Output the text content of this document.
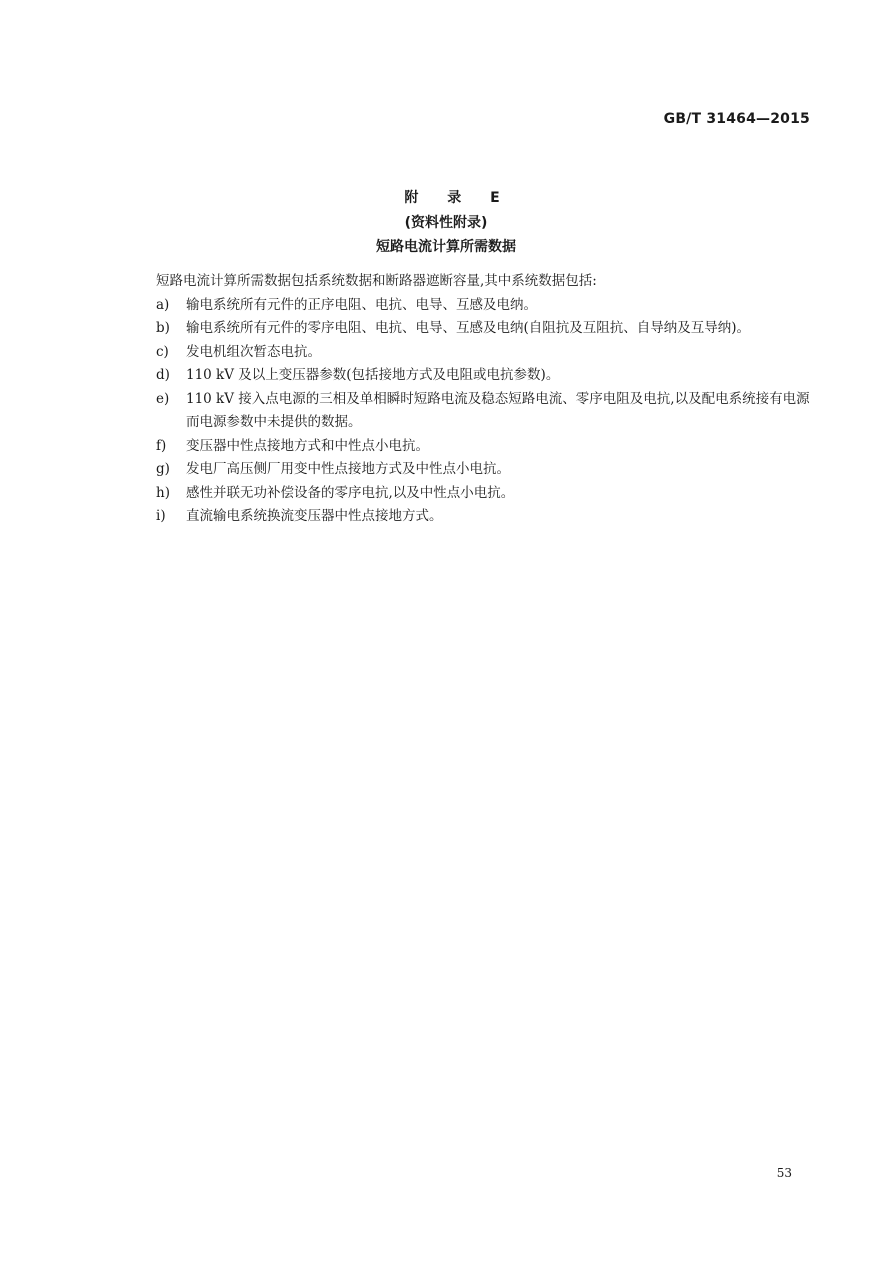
GB/T 31464—2015
附 录 E
(资料性附录)
短路电流计算所需数据

短路电流计算所需数据包括系统数据和断路器遮断容量,其中系统数据包括:

a)	输电系统所有元件的正序电阻、电抗、电导、互感及电纳。
b)	输电系统所有元件的零序电阻、电抗、电导、互感及电纳(自阻抗及互阻抗、自导纳及互导纳)。
c)	发电机组次暂态电抗。
d)	110 kV 及以上变压器参数(包括接地方式及电阻或电抗参数)。
e)	110 kV 接入点电源的三相及单相瞬时短路电流及稳态短路电流、零序电阻及电抗,以及配电系统接有电源而电源参数中未提供的数据。
f)	变压器中性点接地方式和中性点小电抗。
g)	发电厂高压侧厂用变中性点接地方式及中性点小电抗。
h)	感性并联无功补偿设备的零序电抗,以及中性点小电抗。
i)	直流输电系统换流变压器中性点接地方式。
53
